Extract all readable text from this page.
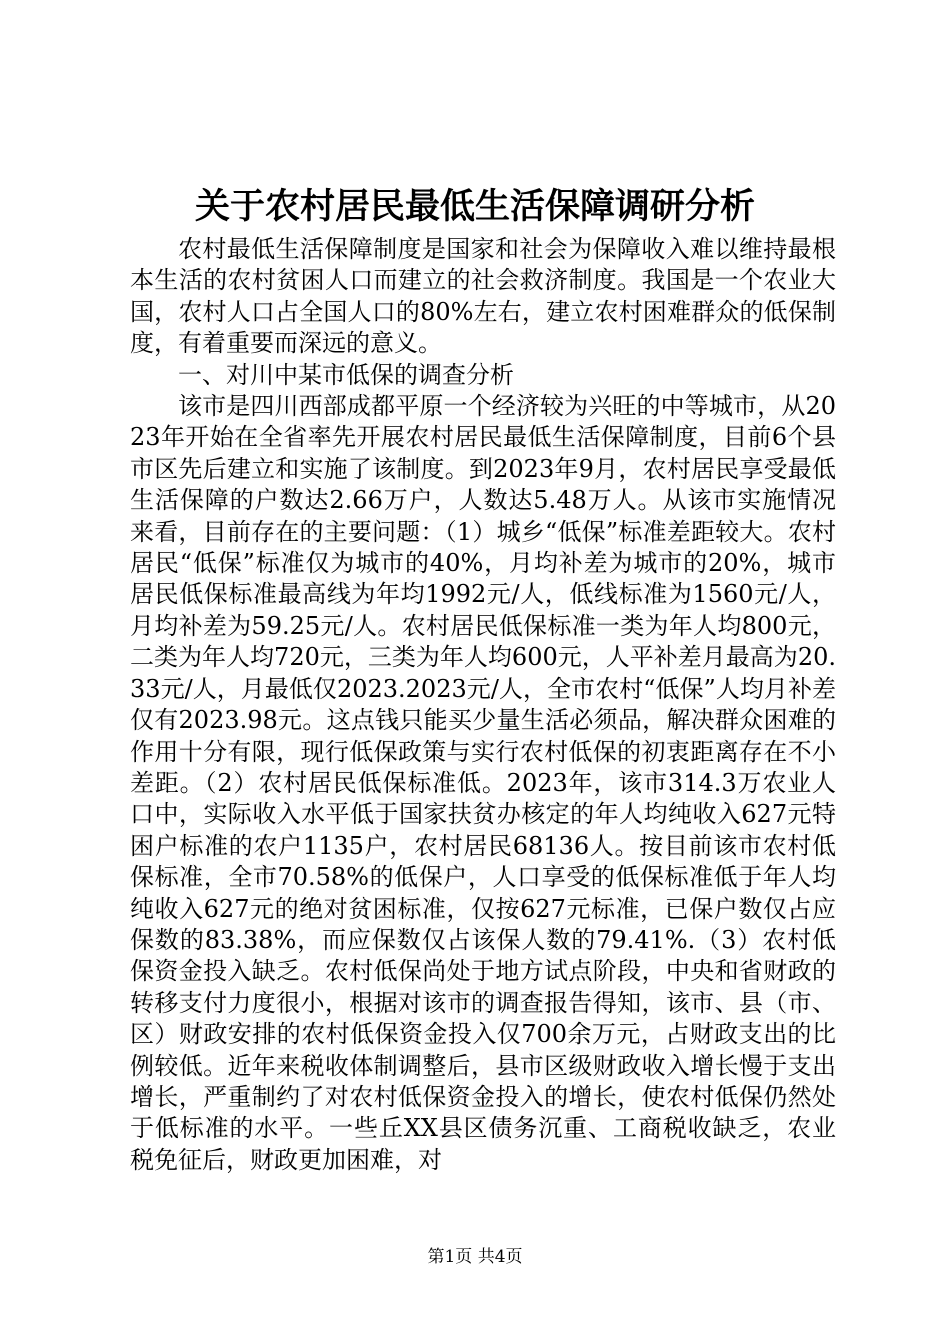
关于农村居民最低生活保障调研分析

农村最低生活保障制度是国家和社会为保障收入难以维持最根本生活的农村贫困人口而建立的社会救济制度。我国是一个农业大国，农村人口占全国人口的80%左右，建立农村困难群众的低保制度，有着重要而深远的意义。

一、对川中某市低保的调查分析

该市是四川西部成都平原一个经济较为兴旺的中等城市，从2023年开始在全省率先开展农村居民最低生活保障制度，目前6个县市区先后建立和实施了该制度。到2023年9月，农村居民享受最低生活保障的户数达2.66万户，人数达5.48万人。从该市实施情况来看，目前存在的主要问题：（1）城乡“低保”标准差距较大。农村居民“低保”标准仅为城市的40%，月均补差为城市的20%，城市居民低保标准最高线为年均1992元/人，低线标准为1560元/人，月均补差为59.25元/人。农村居民低保标准一类为年人均800元，二类为年人均720元，三类为年人均600元，人平补差月最高为20.33元/人，月最低仅2023.2023元/人，全市农村“低保”人均月补差仅有2023.98元。这点钱只能买少量生活必须品，解决群众困难的作用十分有限，现行低保政策与实行农村低保的初衷距离存在不小差距。（2）农村居民低保标准低。2023年，该市314.3万农业人口中，实际收入水平低于国家扶贫办核定的年人均纯收入627元特困户标准的农户1135户，农村居民68136人。按目前该市农村低保标准，全市70.58%的低保户，人口享受的低保标准低于年人均纯收入627元的绝对贫困标准，仅按627元标准，已保户数仅占应保数的83.38%，而应保数仅占该保人数的79.41%.（3）农村低保资金投入缺乏。农村低保尚处于地方试点阶段，中央和省财政的转移支付力度很小，根据对该市的调查报告得知，该市、县（市、区）财政安排的农村低保资金投入仅700余万元，占财政支出的比例较低。近年来税收体制调整后，县市区级财政收入增长慢于支出增长，严重制约了对农村低保资金投入的增长，使农村低保仍然处于低标准的水平。一些丘XX县区债务沉重、工商税收缺乏，农业税免征后，财政更加困难，对

第1页 共4页
